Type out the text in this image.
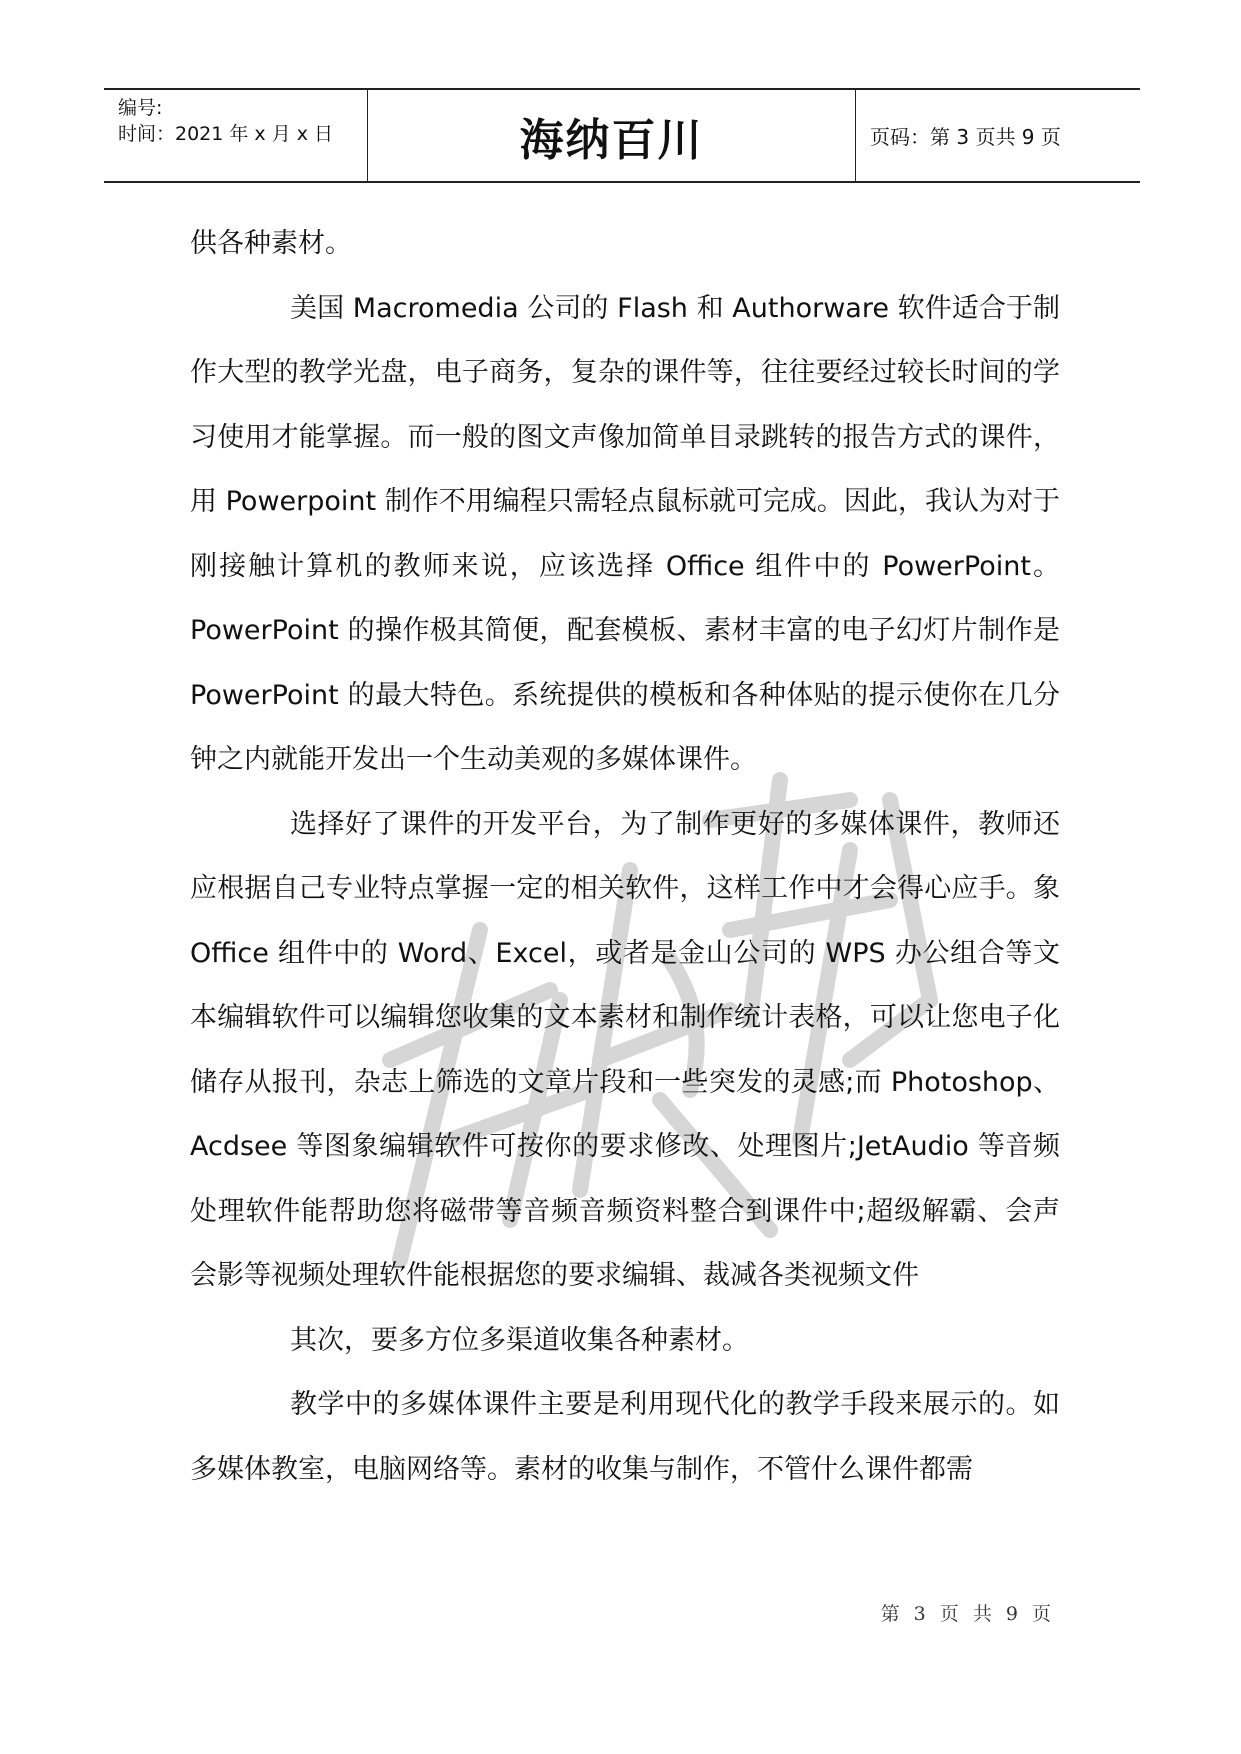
编号:
时间：2021 年 x 月 x 日	海纳百川	页码：第 3 页共 9 页

供各种素材。

美国 Macromedia 公司的 Flash 和 Authorware 软件适合于制作大型的教学光盘，电子商务，复杂的课件等，往往要经过较长时间的学习使用才能掌握。而一般的图文声像加简单目录跳转的报告方式的课件，用 Powerpoint 制作不用编程只需轻点鼠标就可完成。因此，我认为对于刚接触计算机的教师来说，应该选择 Office 组件中的 PowerPoint。PowerPoint 的操作极其简便，配套模板、素材丰富的电子幻灯片制作是 PowerPoint 的最大特色。系统提供的模板和各种体贴的提示使你在几分钟之内就能开发出一个生动美观的多媒体课件。

选择好了课件的开发平台，为了制作更好的多媒体课件，教师还应根据自己专业特点掌握一定的相关软件，这样工作中才会得心应手。象 Office 组件中的 Word、Excel，或者是金山公司的 WPS 办公组合等文本编辑软件可以编辑您收集的文本素材和制作统计表格，可以让您电子化储存从报刊，杂志上筛选的文章片段和一些突发的灵感;而 Photoshop、Acdsee 等图象编辑软件可按你的要求修改、处理图片;JetAudio 等音频处理软件能帮助您将磁带等音频音频资料整合到课件中;超级解霸、会声会影等视频处理软件能根据您的要求编辑、裁减各类视频文件

其次，要多方位多渠道收集各种素材。

教学中的多媒体课件主要是利用现代化的教学手段来展示的。如多媒体教室，电脑网络等。素材的收集与制作，不管什么课件都需

第 3 页 共 9 页
